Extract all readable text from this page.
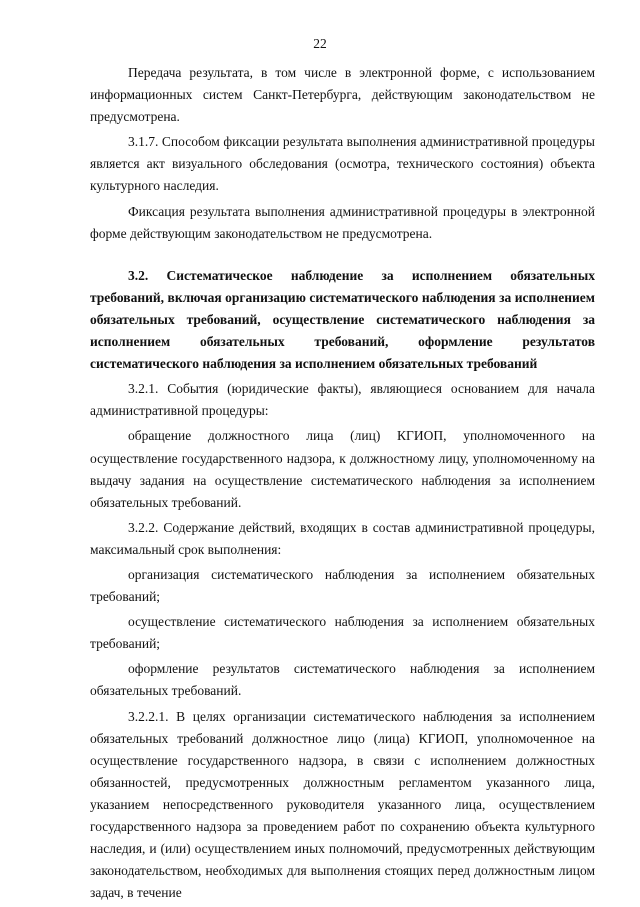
22

Передача результата, в том числе в электронной форме, с использованием информационных систем Санкт-Петербурга, действующим законодательством не предусмотрена.

3.1.7. Способом фиксации результата выполнения административной процедуры является акт визуального обследования (осмотра, технического состояния) объекта культурного наследия.

Фиксация результата выполнения административной процедуры в электронной форме действующим законодательством не предусмотрена.

3.2. Систематическое наблюдение за исполнением обязательных требований, включая организацию систематического наблюдения за исполнением обязательных требований, осуществление систематического наблюдения за исполнением обязательных требований, оформление результатов систематического наблюдения за исполнением обязательных требований

3.2.1. События (юридические факты), являющиеся основанием для начала административной процедуры:

обращение должностного лица (лиц) КГИОП, уполномоченного на осуществление государственного надзора, к должностному лицу, уполномоченному на выдачу задания на осуществление систематического наблюдения за исполнением обязательных требований.

3.2.2. Содержание действий, входящих в состав административной процедуры, максимальный срок выполнения:

организация систематического наблюдения за исполнением обязательных требований;

осуществление систематического наблюдения за исполнением обязательных требований;

оформление результатов систематического наблюдения за исполнением обязательных требований.

3.2.2.1. В целях организации систематического наблюдения за исполнением обязательных требований должностное лицо (лица) КГИОП, уполномоченное на осуществление государственного надзора, в связи с исполнением должностных обязанностей, предусмотренных должностным регламентом указанного лица, указанием непосредственного руководителя указанного лица, осуществлением государственного надзора за проведением работ по сохранению объекта культурного наследия, и (или) осуществлением иных полномочий, предусмотренных действующим законодательством, необходимых для выполнения стоящих перед должностным лицом задач, в течение
